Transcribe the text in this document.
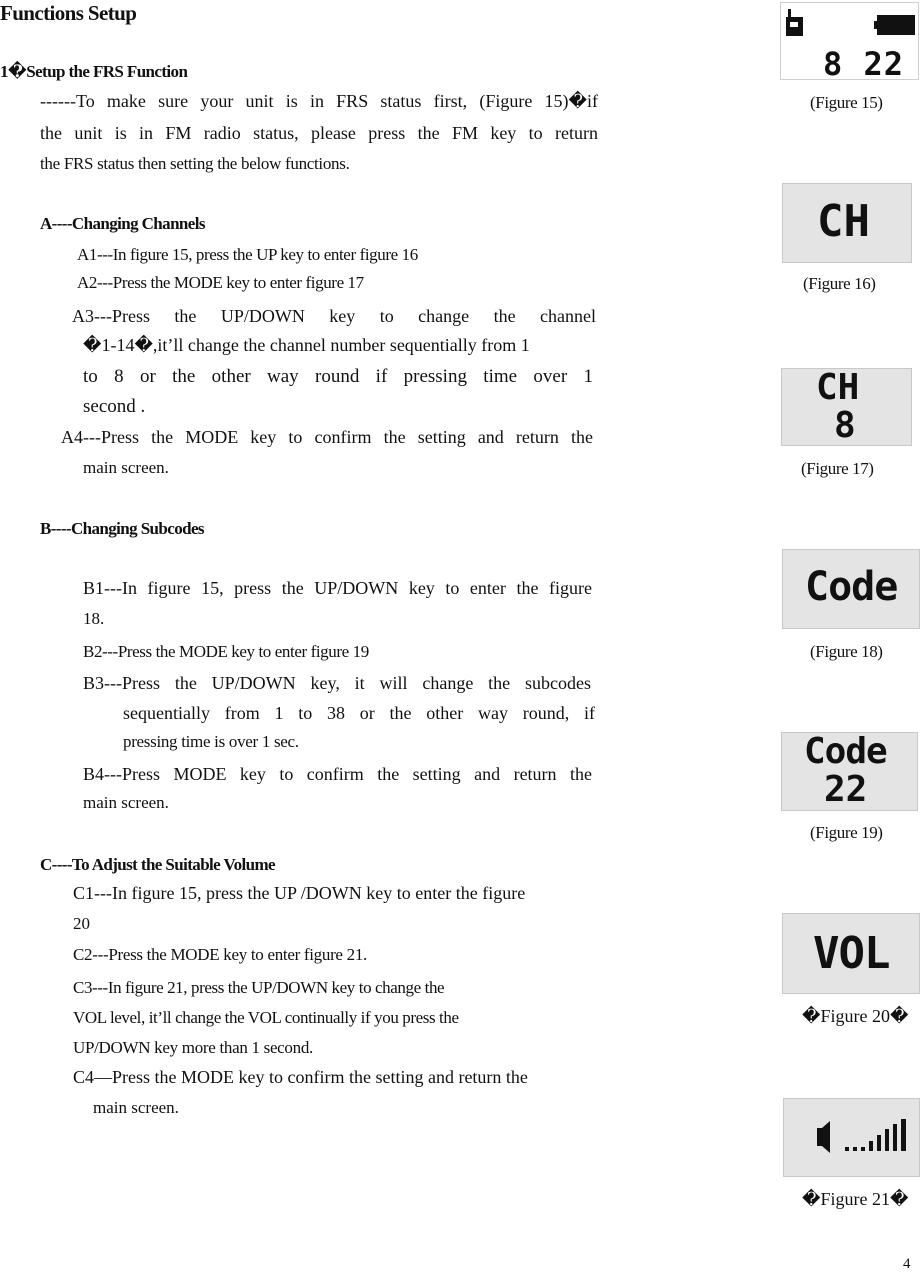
Functions Setup
1�Setup the FRS Function
------To make sure your unit is in FRS status first, (Figure 15)�if
the unit is in FM radio status, please press the FM key to return
the FRS status then setting the below functions.
A----Changing Channels
A1---In figure 15, press the UP key to enter figure 16
A2---Press the MODE key to enter figure 17
A3---Press the UP/DOWN key to change the channel
�1-14�,it’ll change the channel number sequentially from 1
to 8 or the other way round if pressing time over 1
second .
A4---Press the MODE key to confirm the setting and return the
main screen.
B----Changing Subcodes
B1---In figure 15, press the UP/DOWN key to enter the figure
18.
B2---Press the MODE key to enter figure 19
B3---Press the UP/DOWN key, it will change the subcodes
sequentially from 1 to 38 or the other way round, if
pressing time is over 1 sec.
B4---Press MODE key to confirm the setting and return the
main screen.
C----To Adjust the Suitable Volume
C1---In figure 15, press the UP /DOWN key to enter the figure
20
C2---Press the MODE key to enter figure 21.
C3---In figure 21, press the UP/DOWN key to change the
VOL level, it’ll change the VOL continually if you press the
UP/DOWN key more than 1 second.
C4—Press the MODE key to confirm the setting and return the
main screen.
8 22
(Figure 15)
CH
(Figure 16)
CH
8
(Figure 17)
Code
(Figure 18)
Code
22
(Figure 19)
VOL
�Figure 20�
�Figure 21�
4
